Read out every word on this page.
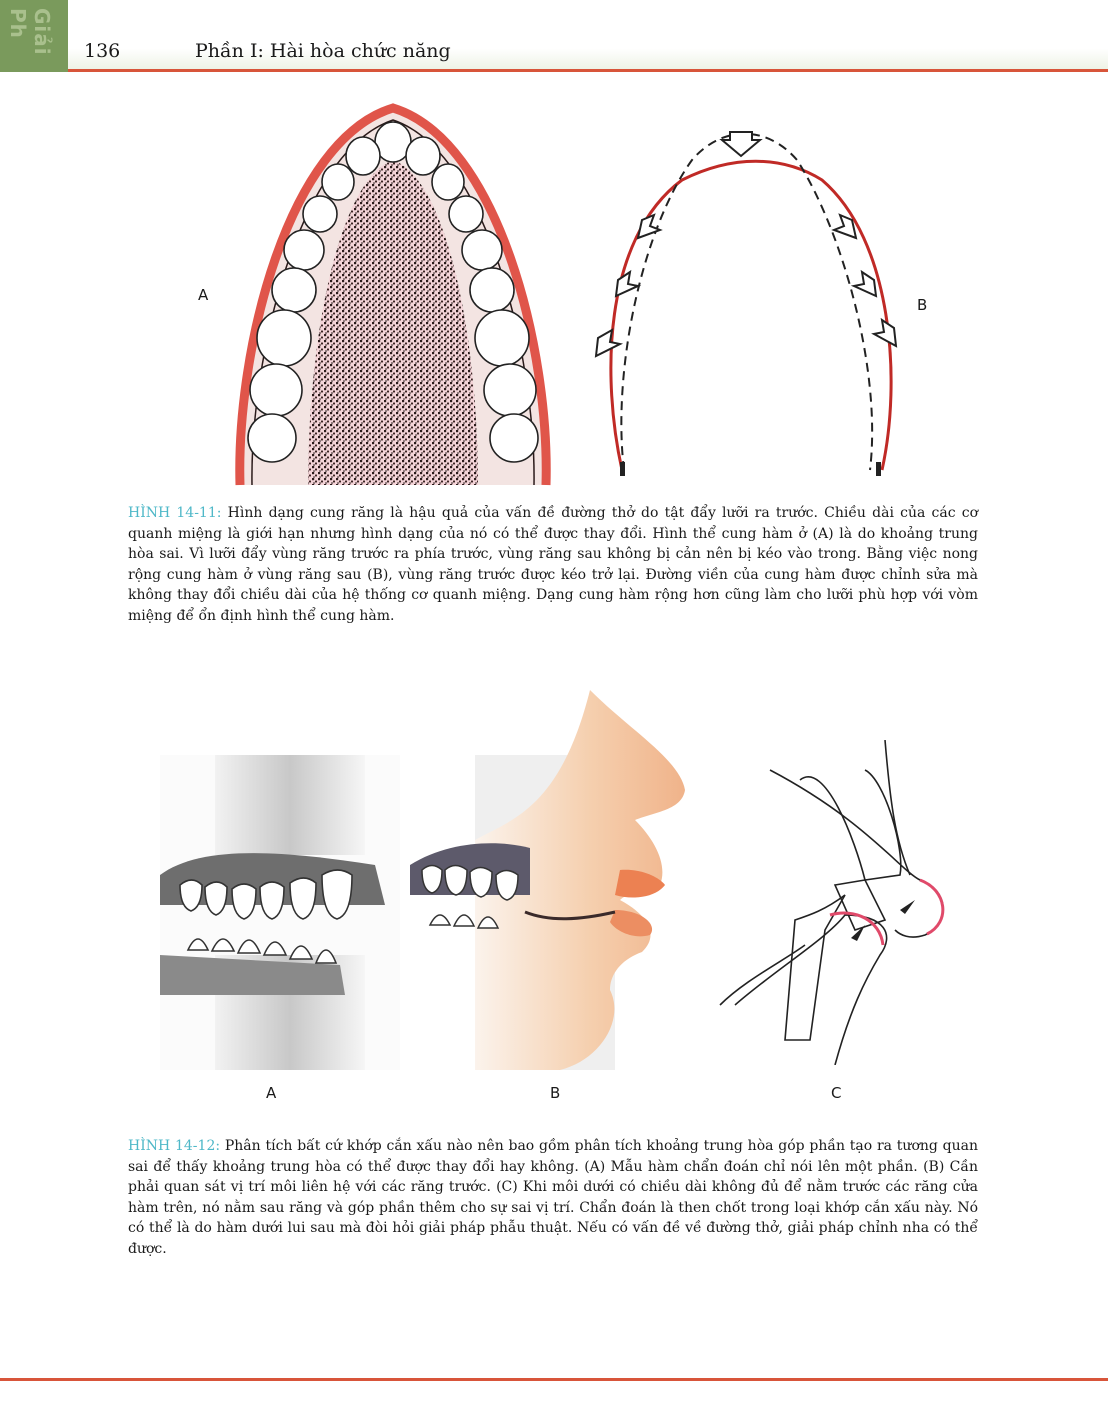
Giải Ph
136	Phần I: Hài hòa chức năng
A
B
HÌNH 14-11: Hình dạng cung răng là hậu quả của vấn đề đường thở do tật đẩy lưỡi ra trước. Chiều dài của các cơ quanh miệng là giới hạn nhưng hình dạng của nó có thể được thay đổi. Hình thể cung hàm ở (A) là do khoảng trung hòa sai. Vì lưỡi đẩy vùng răng trước ra phía trước, vùng răng sau không bị cản nên bị kéo vào trong. Bằng việc nong rộng cung hàm ở vùng răng sau (B), vùng răng trước được kéo trở lại. Đường viền của cung hàm được chỉnh sửa mà không thay đổi chiều dài của hệ thống cơ quanh miệng. Dạng cung hàm rộng hơn cũng làm cho lưỡi phù hợp với vòm miệng để ổn định hình thể cung hàm.
A	B	C
HÌNH 14-12: Phân tích bất cứ khớp cắn xấu nào nên bao gồm phân tích khoảng trung hòa góp phần tạo ra tương quan sai để thấy khoảng trung hòa có thể được thay đổi hay không. (A) Mẫu hàm chẩn đoán chỉ nói lên một phần. (B) Cần phải quan sát vị trí môi liên hệ với các răng trước. (C) Khi môi dưới có chiều dài không đủ để nằm trước các răng cửa hàm trên, nó nằm sau răng và góp phần thêm cho sự sai vị trí. Chẩn đoán là then chốt trong loại khớp cắn xấu này. Nó có thể là do hàm dưới lui sau mà đòi hỏi giải pháp phẫu thuật. Nếu có vấn đề về đường thở, giải pháp chỉnh nha có thể được.
